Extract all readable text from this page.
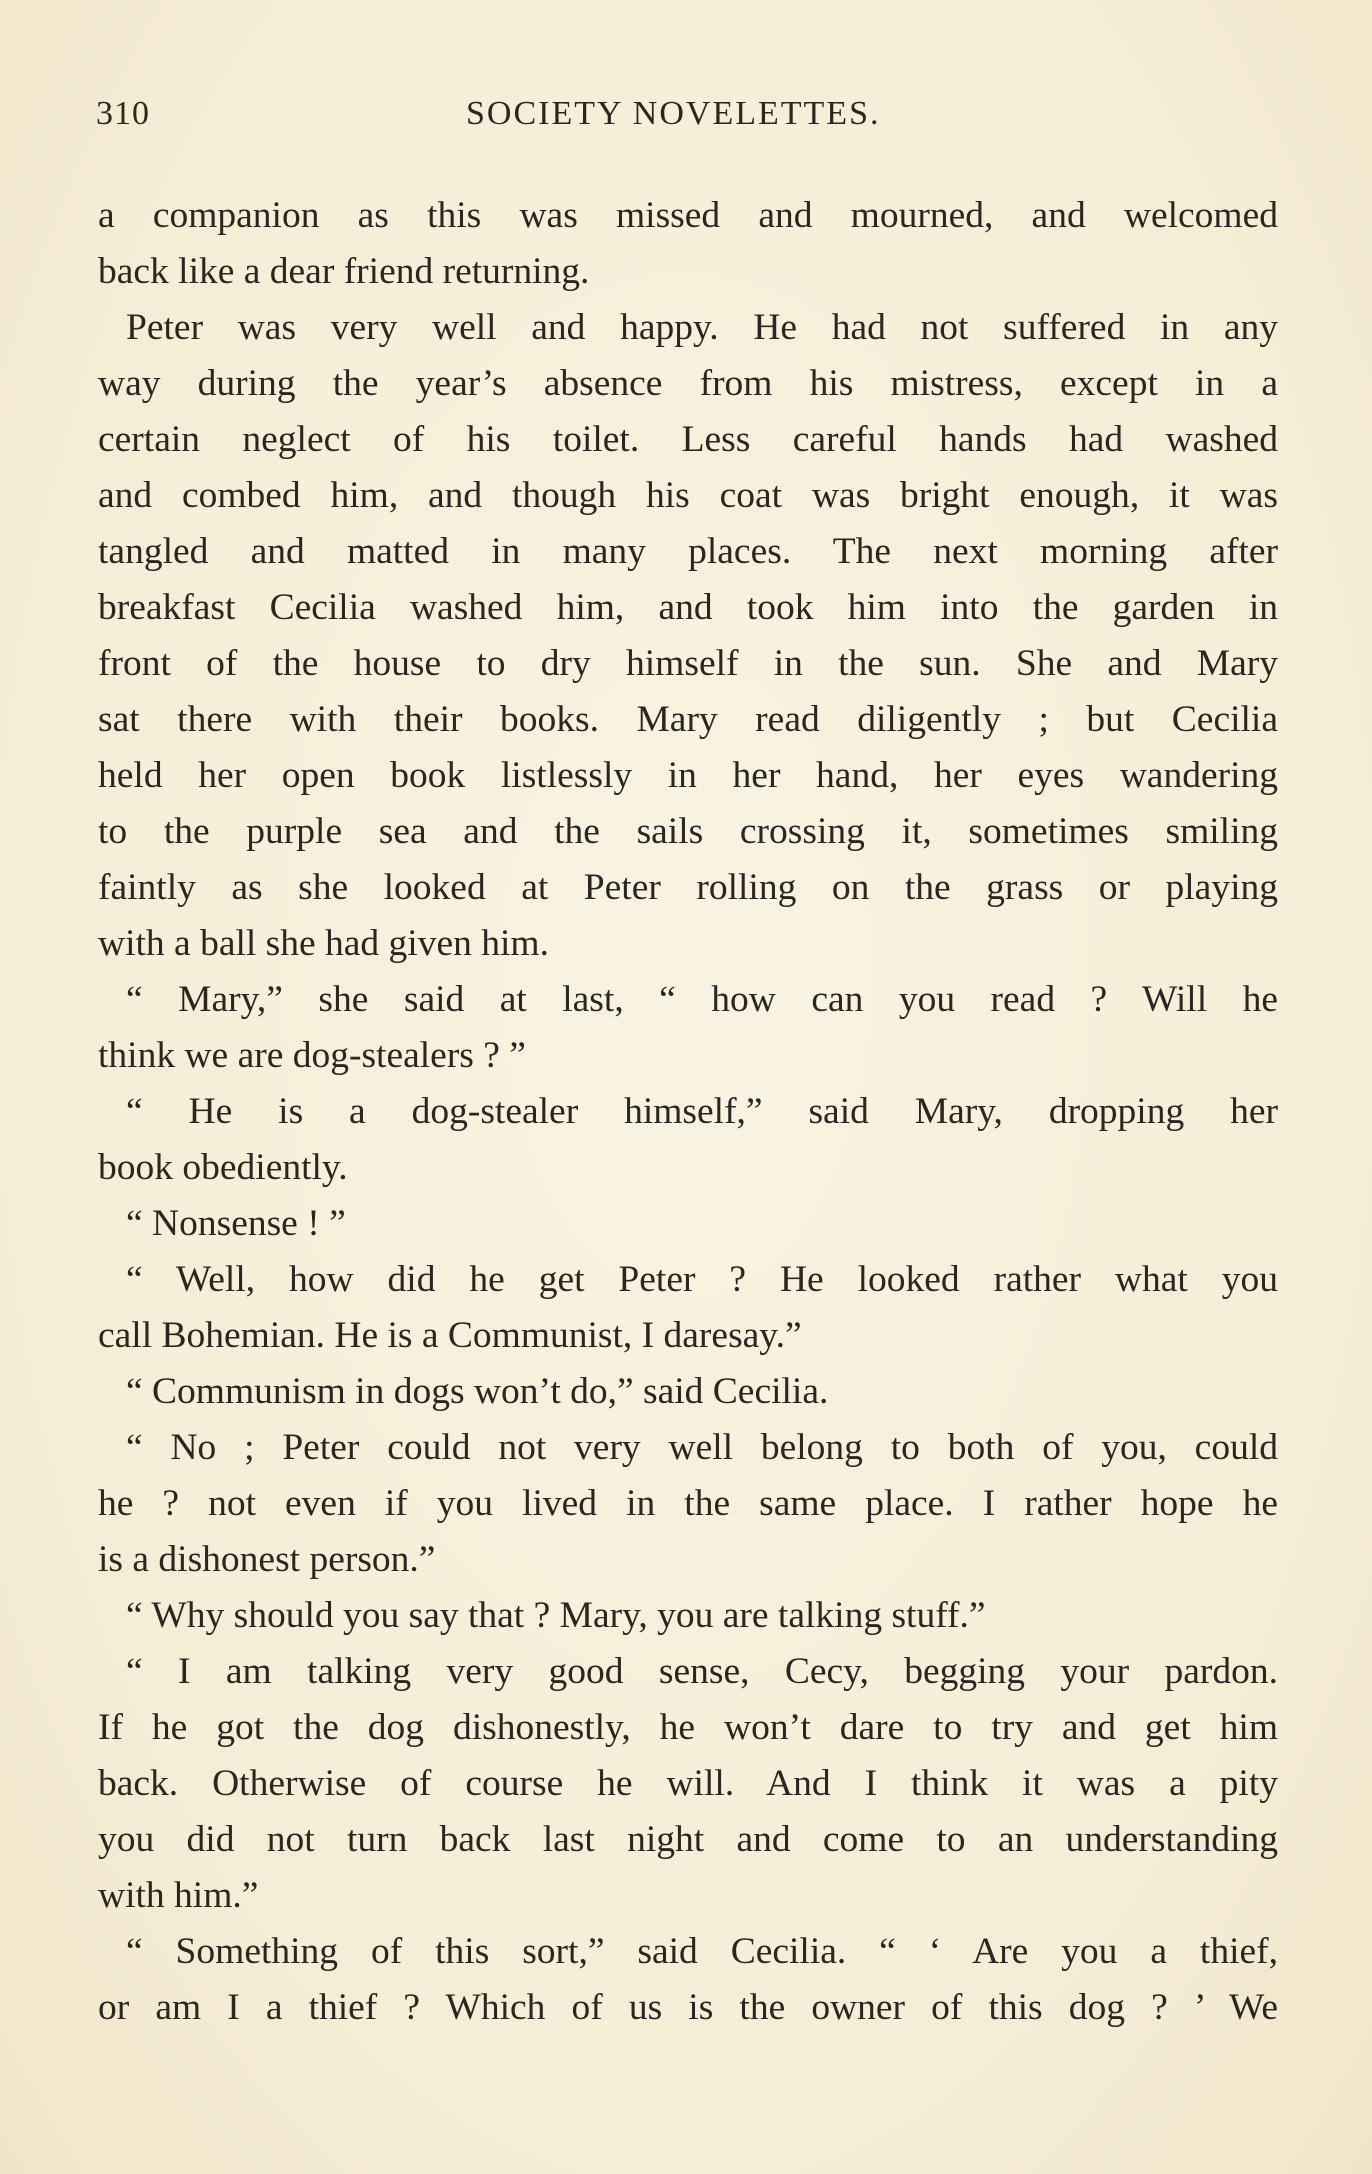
310	SOCIETY NOVELETTES.
a companion as this was missed and mourned, and welcomed
back like a dear friend returning.
Peter was very well and happy. He had not suffered in any
way during the year’s absence from his mistress, except in a
certain neglect of his toilet. Less careful hands had washed
and combed him, and though his coat was bright enough, it was
tangled and matted in many places. The next morning after
breakfast Cecilia washed him, and took him into the garden in
front of the house to dry himself in the sun. She and Mary
sat there with their books. Mary read diligently ; but Cecilia
held her open book listlessly in her hand, her eyes wandering
to the purple sea and the sails crossing it, sometimes smiling
faintly as she looked at Peter rolling on the grass or playing
with a ball she had given him.
“ Mary,” she said at last, “ how can you read ? Will he
think we are dog-stealers ? ”
“ He is a dog-stealer himself,” said Mary, dropping her
book obediently.
“ Nonsense ! ”
“ Well, how did he get Peter ? He looked rather what you
call Bohemian. He is a Communist, I daresay.”
“ Communism in dogs won’t do,” said Cecilia.
“ No ; Peter could not very well belong to both of you, could
he ? not even if you lived in the same place. I rather hope he
is a dishonest person.”
“ Why should you say that ? Mary, you are talking stuff.”
“ I am talking very good sense, Cecy, begging your pardon.
If he got the dog dishonestly, he won’t dare to try and get him
back. Otherwise of course he will. And I think it was a pity
you did not turn back last night and come to an understanding
with him.”
“ Something of this sort,” said Cecilia. “ ‘ Are you a thief,
or am I a thief ? Which of us is the owner of this dog ? ’ We
